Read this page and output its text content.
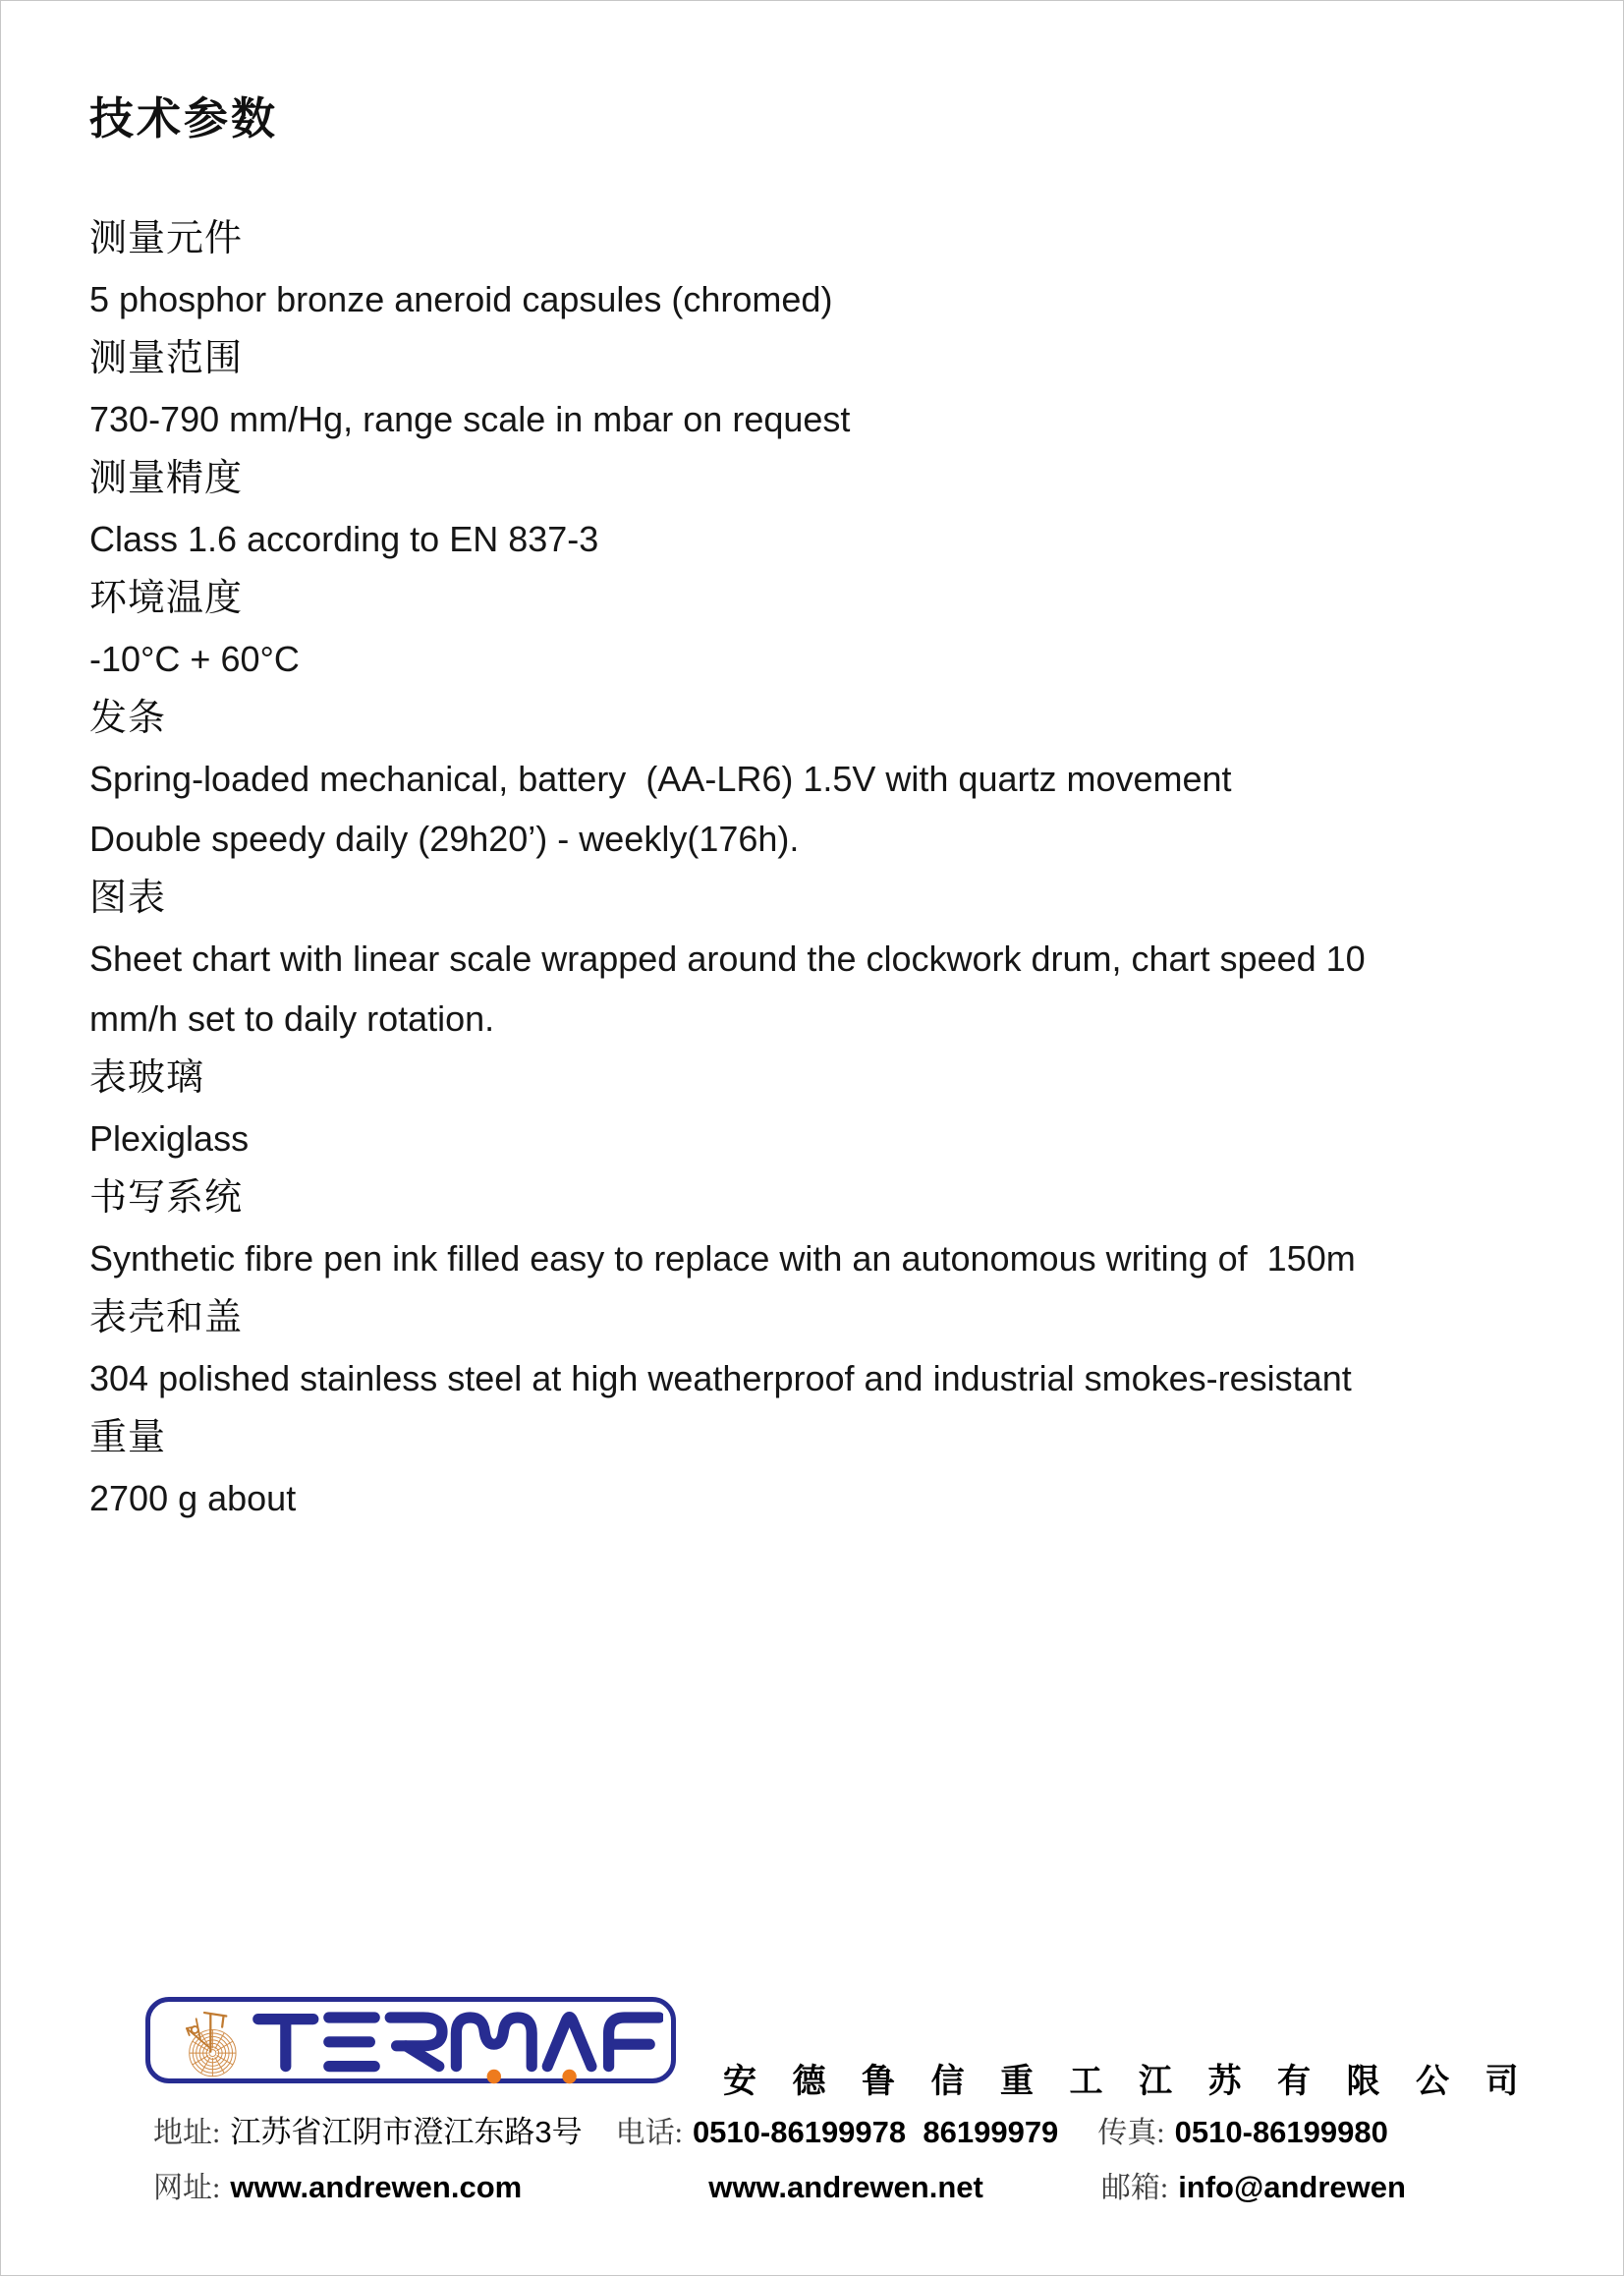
技术参数
测量元件
5 phosphor bronze aneroid capsules (chromed)
测量范围
730-790 mm/Hg, range scale in mbar on request
测量精度
Class 1.6 according to EN 837-3
环境温度
-10°C + 60°C
发条
Spring-loaded mechanical, battery  (AA-LR6) 1.5V with quartz movement
Double speedy daily (29h20’) - weekly(176h).
图表
Sheet chart with linear scale wrapped around the clockwork drum, chart speed 10
mm/h set to daily rotation.
表玻璃
Plexiglass
书写系统
Synthetic fibre pen ink filled easy to replace with an autonomous writing of  150m
表壳和盖
304 polished stainless steel at high weatherproof and industrial smokes-resistant
重量
2700 g about
安 德 鲁 信 重 工 江 苏 有 限 公 司
地址: 江苏省江阴市澄江东路3号 电话: 0510-86199978  86199979 传真: 0510-86199980
网址: www.andrewen.com	www.andrewen.net	邮箱: info@andrewen
